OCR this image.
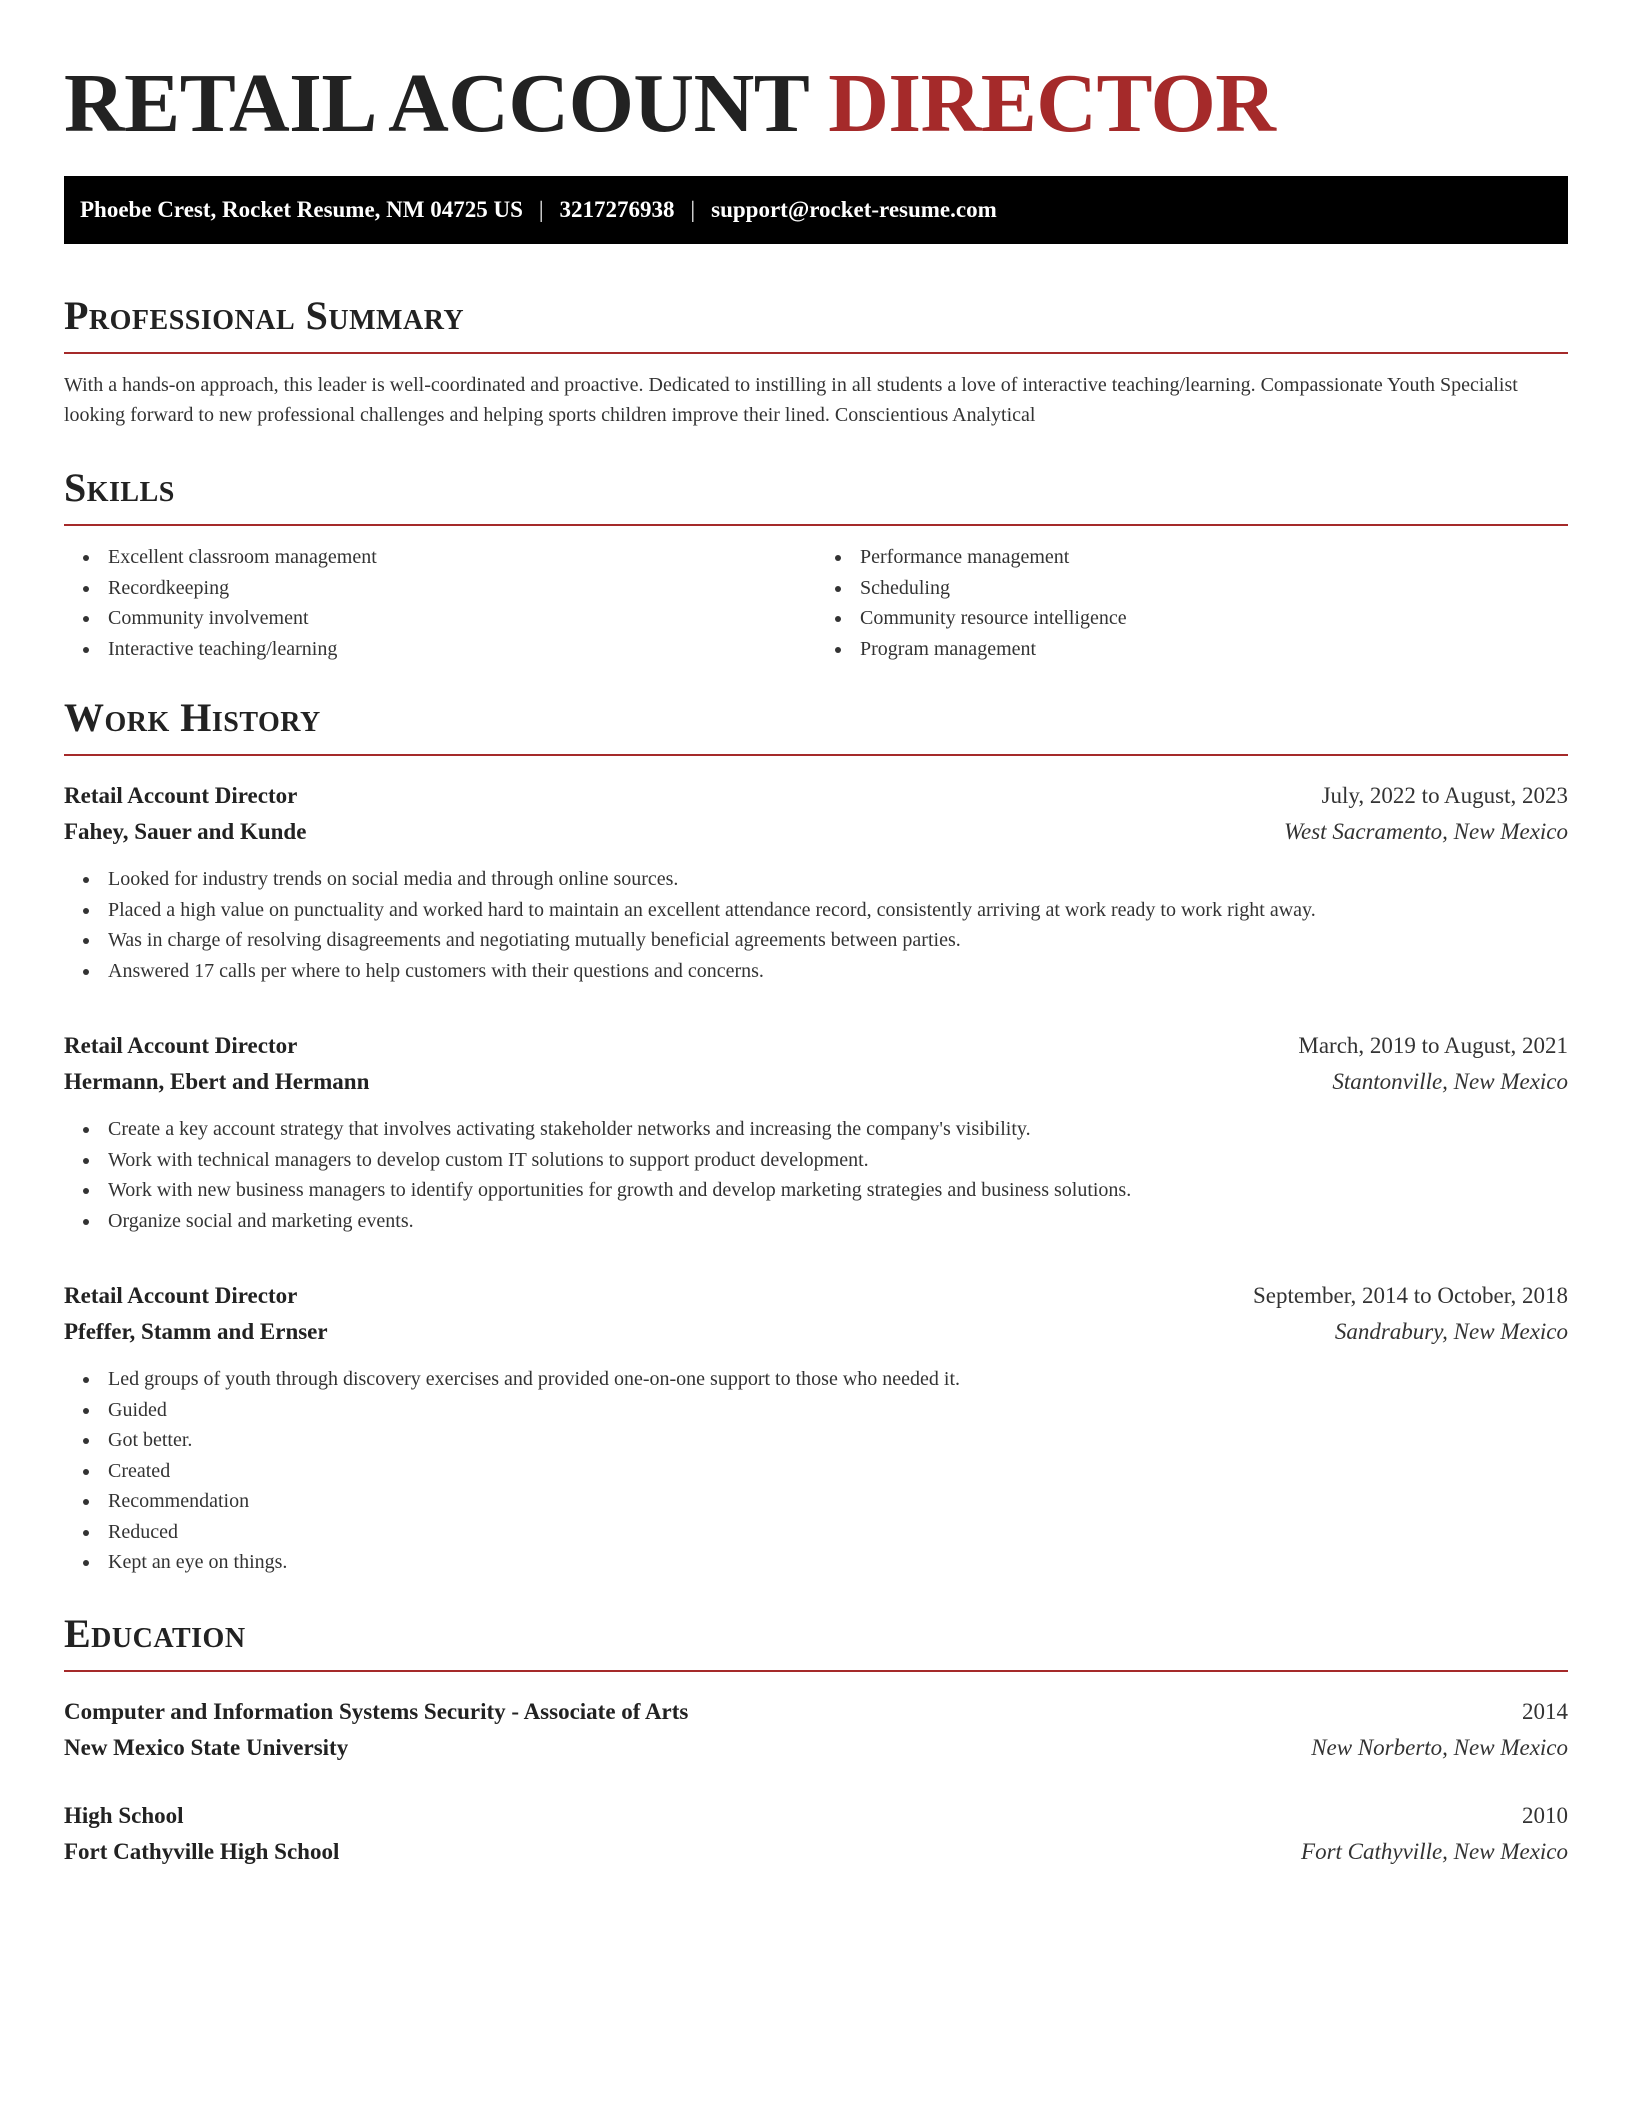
RETAIL ACCOUNT DIRECTOR
Phoebe Crest, Rocket Resume, NM 04725 US | 3217276938 | support@rocket-resume.com
Professional Summary

With a hands-on approach, this leader is well-coordinated and proactive. Dedicated to instilling in all students a love of interactive teaching/learning. Compassionate Youth Specialist looking forward to new professional challenges and helping sports children improve their lined. Conscientious Analytical

Skills
Excellent classroom management
Recordkeeping
Community involvement
Interactive teaching/learning
Performance management
Scheduling
Community resource intelligence
Program management
Work History
Retail Account Director	July, 2022 to August, 2023
Fahey, Sauer and Kunde	West Sacramento, New Mexico
Looked for industry trends on social media and through online sources.
Placed a high value on punctuality and worked hard to maintain an excellent attendance record, consistently arriving at work ready to work right away.
Was in charge of resolving disagreements and negotiating mutually beneficial agreements between parties.
Answered 17 calls per where to help customers with their questions and concerns.
Retail Account Director	March, 2019 to August, 2021
Hermann, Ebert and Hermann	Stantonville, New Mexico
Create a key account strategy that involves activating stakeholder networks and increasing the company's visibility.
Work with technical managers to develop custom IT solutions to support product development.
Work with new business managers to identify opportunities for growth and develop marketing strategies and business solutions.
Organize social and marketing events.
Retail Account Director	September, 2014 to October, 2018
Pfeffer, Stamm and Ernser	Sandrabury, New Mexico
Led groups of youth through discovery exercises and provided one-on-one support to those who needed it.
Guided
Got better.
Created
Recommendation
Reduced
Kept an eye on things.
Education
Computer and Information Systems Security - Associate of Arts	2014
New Mexico State University	New Norberto, New Mexico
High School	2010
Fort Cathyville High School	Fort Cathyville, New Mexico
